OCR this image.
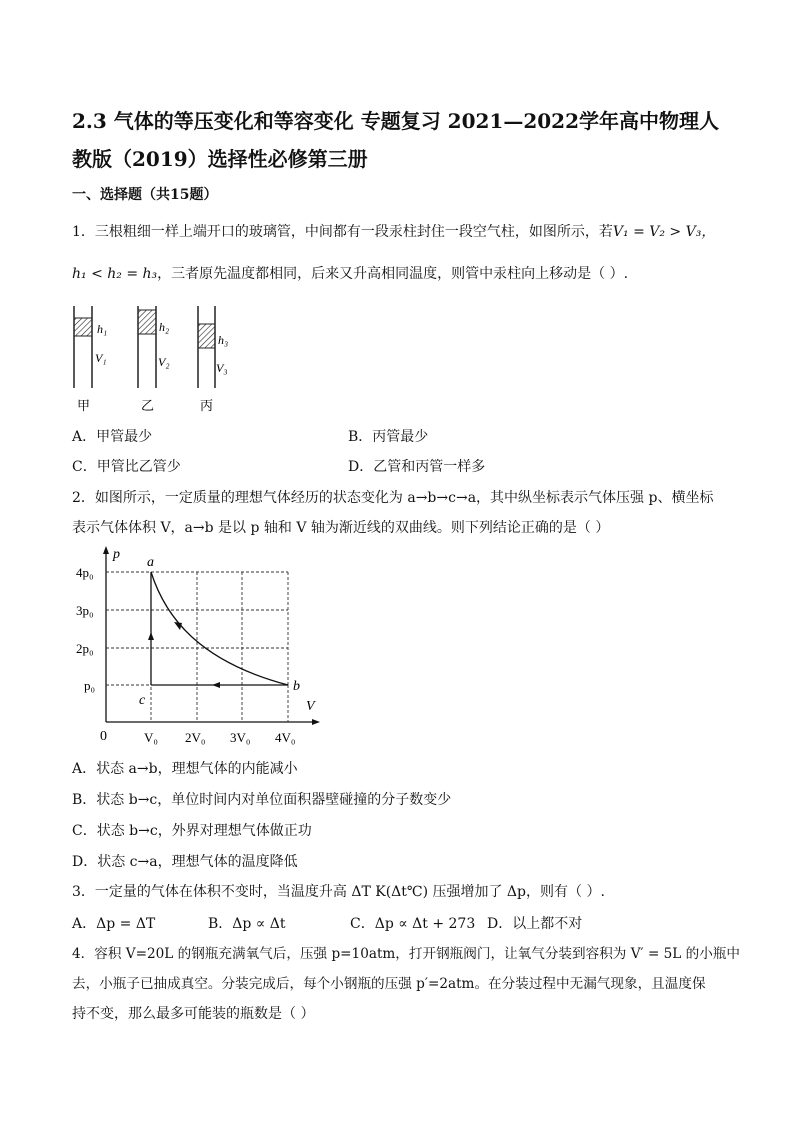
2.3 气体的等压变化和等容变化 专题复习 2021—2022学年高中物理人教版（2019）选择性必修第三册
一、选择题（共15题）
1．三根粗细一样上端开口的玻璃管，中间都有一段汞柱封住一段空气柱，如图所示，若V₁ = V₂ > V₃，
h₁ < h₂ = h₃，三者原先温度都相同，后来又升高相同温度，则管中汞柱向上移动是（ ）.
h₁
V₁
甲
h₂
V₂
乙
h₃
V₃
丙
A．甲管最少	B．丙管最少
C．甲管比乙管少	D．乙管和丙管一样多
2．如图所示，一定质量的理想气体经历的状态变化为 a→b→c→a，其中纵坐标表示气体压强 p、横坐标
表示气体体积 V，a→b 是以 p 轴和 V 轴为渐近线的双曲线。则下列结论正确的是（ ）
p
V
0
4p₀
3p₀
2p₀
p₀
V₀ 2V₀ 3V₀ 4V₀
a
b
c
A．状态 a→b，理想气体的内能减小
B．状态 b→c，单位时间内对单位面积器壁碰撞的分子数变少
C．状态 b→c，外界对理想气体做正功
D．状态 c→a，理想气体的温度降低
3．一定量的气体在体积不变时，当温度升高 ΔT K(Δt℃) 压强增加了 Δp，则有（ ）.
A．Δp = ΔT	B．Δp ∝ Δt	C．Δp ∝ Δt + 273 D．以上都不对
4．容积 V=20L 的钢瓶充满氧气后，压强 p=10atm，打开钢瓶阀门，让氧气分装到容积为 V′ = 5L 的小瓶中
去，小瓶子已抽成真空。分装完成后，每个小钢瓶的压强 p′=2atm。在分装过程中无漏气现象，且温度保
持不变，那么最多可能装的瓶数是（ ）
